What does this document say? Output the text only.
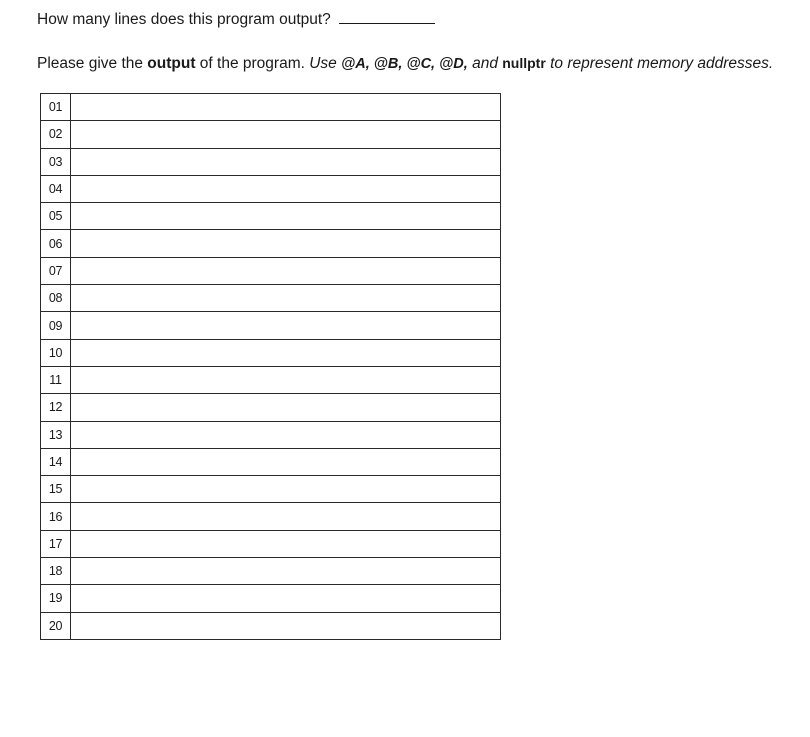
How many lines does this program output?
Please give the output of the program. Use @A, @B, @C, @D, and nullptr to represent memory addresses.
01	
02	
03	
04	
05	
06	
07	
08	
09	
10	
11	
12	
13	
14	
15	
16	
17	
18	
19	
20	
